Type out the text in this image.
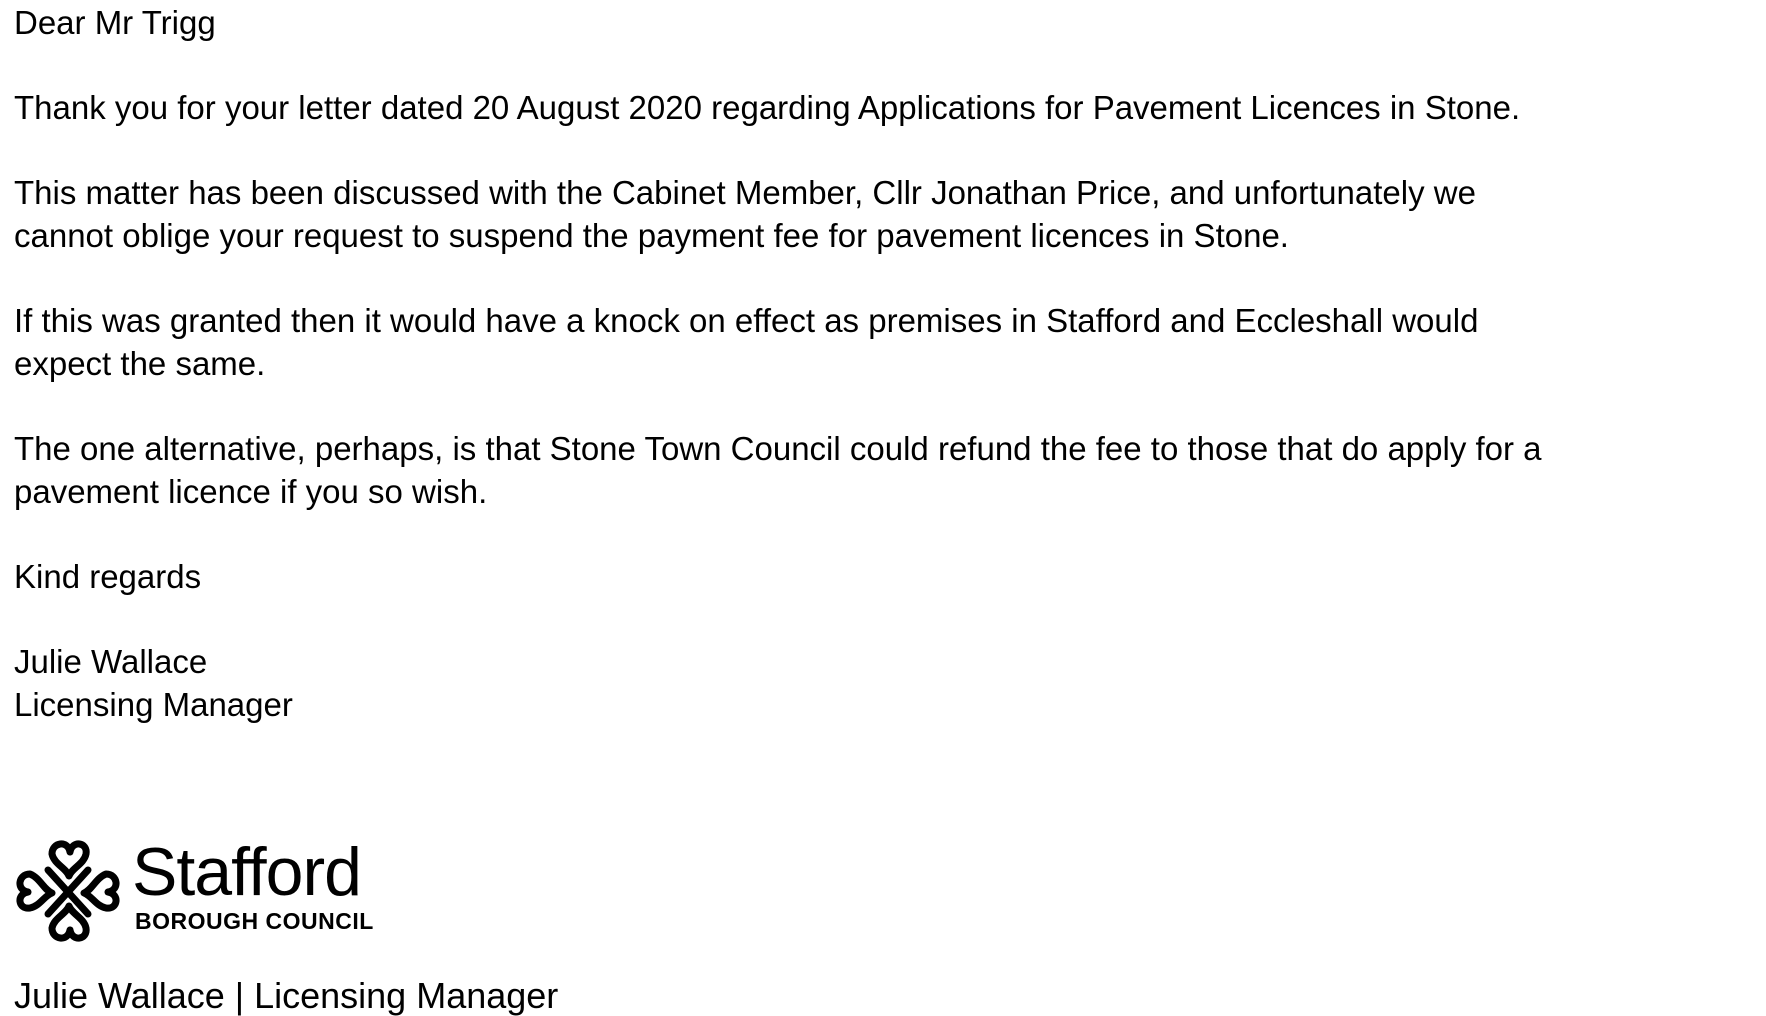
Dear Mr Trigg
Thank you for your letter dated 20 August 2020 regarding Applications for Pavement Licences in Stone.
This matter has been discussed with the Cabinet Member, Cllr Jonathan Price, and unfortunately we
cannot oblige your request to suspend the payment fee for pavement licences in Stone.
If this was granted then it would have a knock on effect as premises in Stafford and Eccleshall would
expect the same.
The one alternative, perhaps, is that Stone Town Council could refund the fee to those that do apply for a
pavement licence if you so wish.
Kind regards
Julie Wallace
Licensing Manager
Stafford
BOROUGH COUNCIL
Julie Wallace | Licensing Manager
